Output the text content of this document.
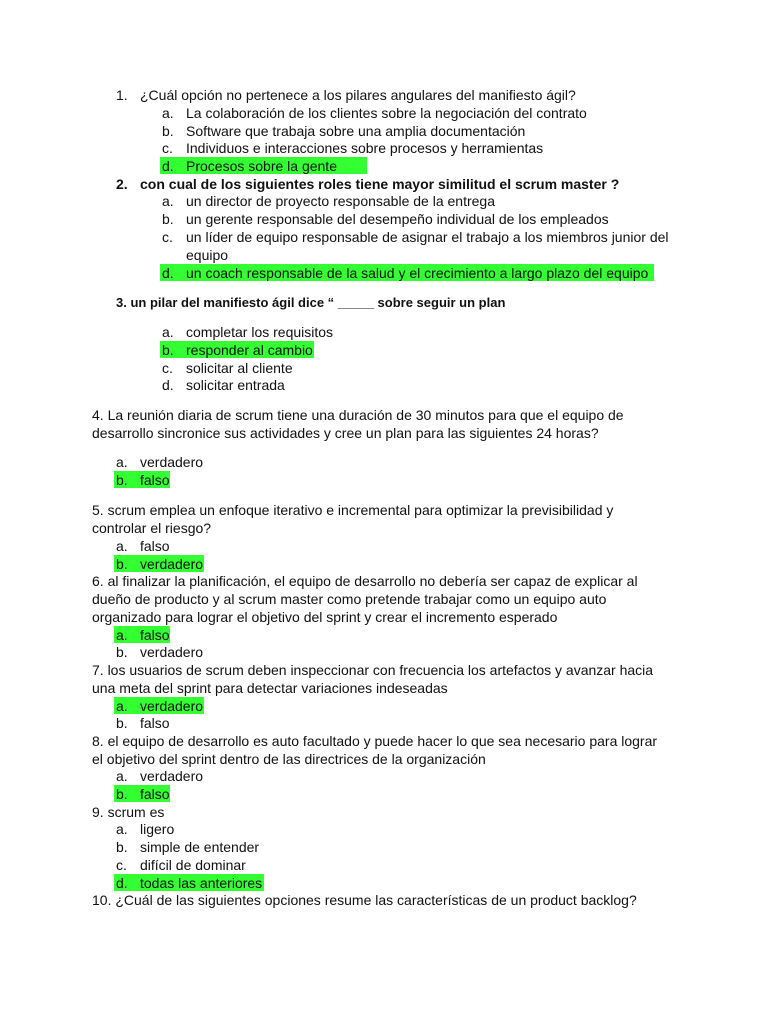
1. ¿Cuál opción no pertenece a los pilares angulares del manifiesto ágil?
a. La colaboración de los clientes sobre la negociación del contrato
b. Software que trabaja sobre una amplia documentación
c. Individuos e interacciones sobre procesos y herramientas
d. Procesos sobre la gente
2. con cual de los siguientes roles tiene mayor similitud el scrum master ?
a. un director de proyecto responsable de la entrega
b. un gerente responsable del desempeño individual de los empleados
c. un líder de equipo responsable de asignar el trabajo a los miembros junior del
equipo
d. un coach responsable de la salud y el crecimiento a largo plazo del equipo
3. un pilar del manifiesto ágil dice “ _____ sobre seguir un plan
a. completar los requisitos
b. responder al cambio
c. solicitar al cliente
d. solicitar entrada
4. La reunión diaria de scrum tiene una duración de 30 minutos para que el equipo de
desarrollo sincronice sus actividades y cree un plan para las siguientes 24 horas?
a. verdadero
b. falso
5. scrum emplea un enfoque iterativo e incremental para optimizar la previsibilidad y
controlar el riesgo?
a. falso
b. verdadero
6. al finalizar la planificación, el equipo de desarrollo no debería ser capaz de explicar al
dueño de producto y al scrum master como pretende trabajar como un equipo auto
organizado para lograr el objetivo del sprint y crear el incremento esperado
a. falso
b. verdadero
7. los usuarios de scrum deben inspeccionar con frecuencia los artefactos y avanzar hacia
una meta del sprint para detectar variaciones indeseadas
a. verdadero
b. falso
8. el equipo de desarrollo es auto facultado y puede hacer lo que sea necesario para lograr
el objetivo del sprint dentro de las directrices de la organización
a. verdadero
b. falso
9. scrum es
a. ligero
b. simple de entender
c. difícil de dominar
d. todas las anteriores
10. ¿Cuál de las siguientes opciones resume las características de un product backlog?
